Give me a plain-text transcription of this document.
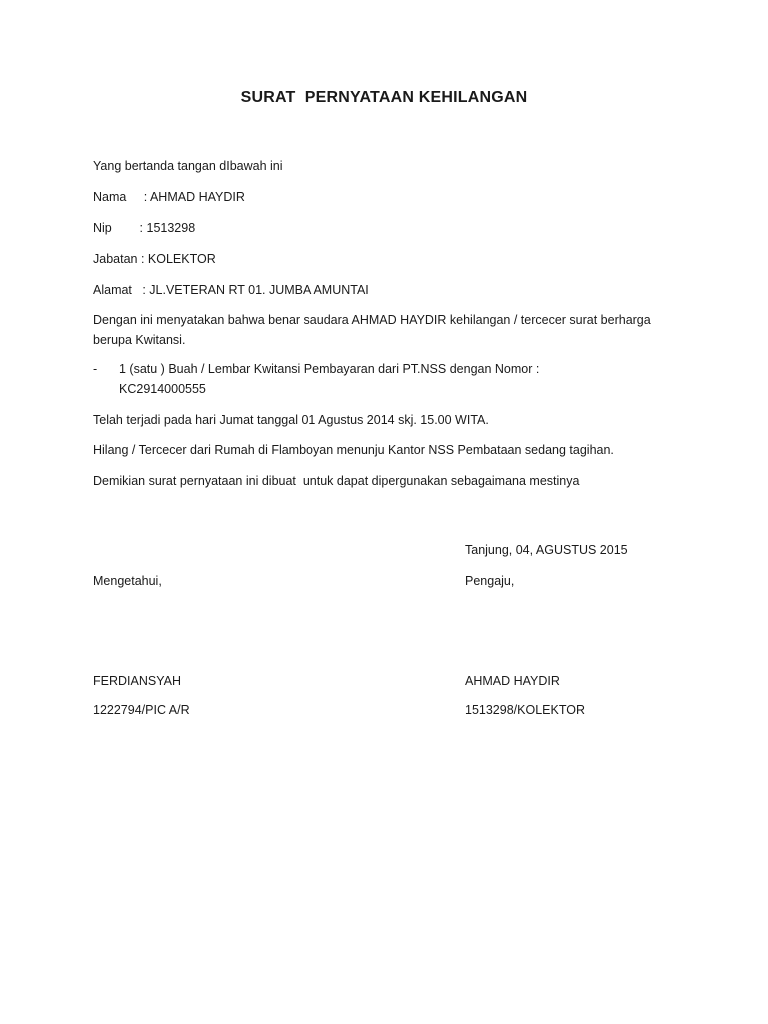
SURAT  PERNYATAAN KEHILANGAN
Yang bertanda tangan dIbawah ini
Nama     : AHMAD HAYDIR
Nip        : 1513298
Jabatan : KOLEKTOR
Alamat   : JL.VETERAN RT 01. JUMBA AMUNTAI
Dengan ini menyatakan bahwa benar saudara AHMAD HAYDIR kehilangan / tercecer surat berharga berupa Kwitansi.
- 1 (satu ) Buah / Lembar Kwitansi Pembayaran dari PT.NSS dengan Nomor :
KC2914000555
Telah terjadi pada hari Jumat tanggal 01 Agustus 2014 skj. 15.00 WITA.
Hilang / Tercecer dari Rumah di Flamboyan menunju Kantor NSS Pembataan sedang tagihan.
Demikian surat pernyataan ini dibuat  untuk dapat dipergunakan sebagaimana mestinya
Tanjung, 04, AGUSTUS 2015
Mengetahui,	Pengaju,
FERDIANSYAH	AHMAD HAYDIR
1222794/PIC A/R	1513298/KOLEKTOR
